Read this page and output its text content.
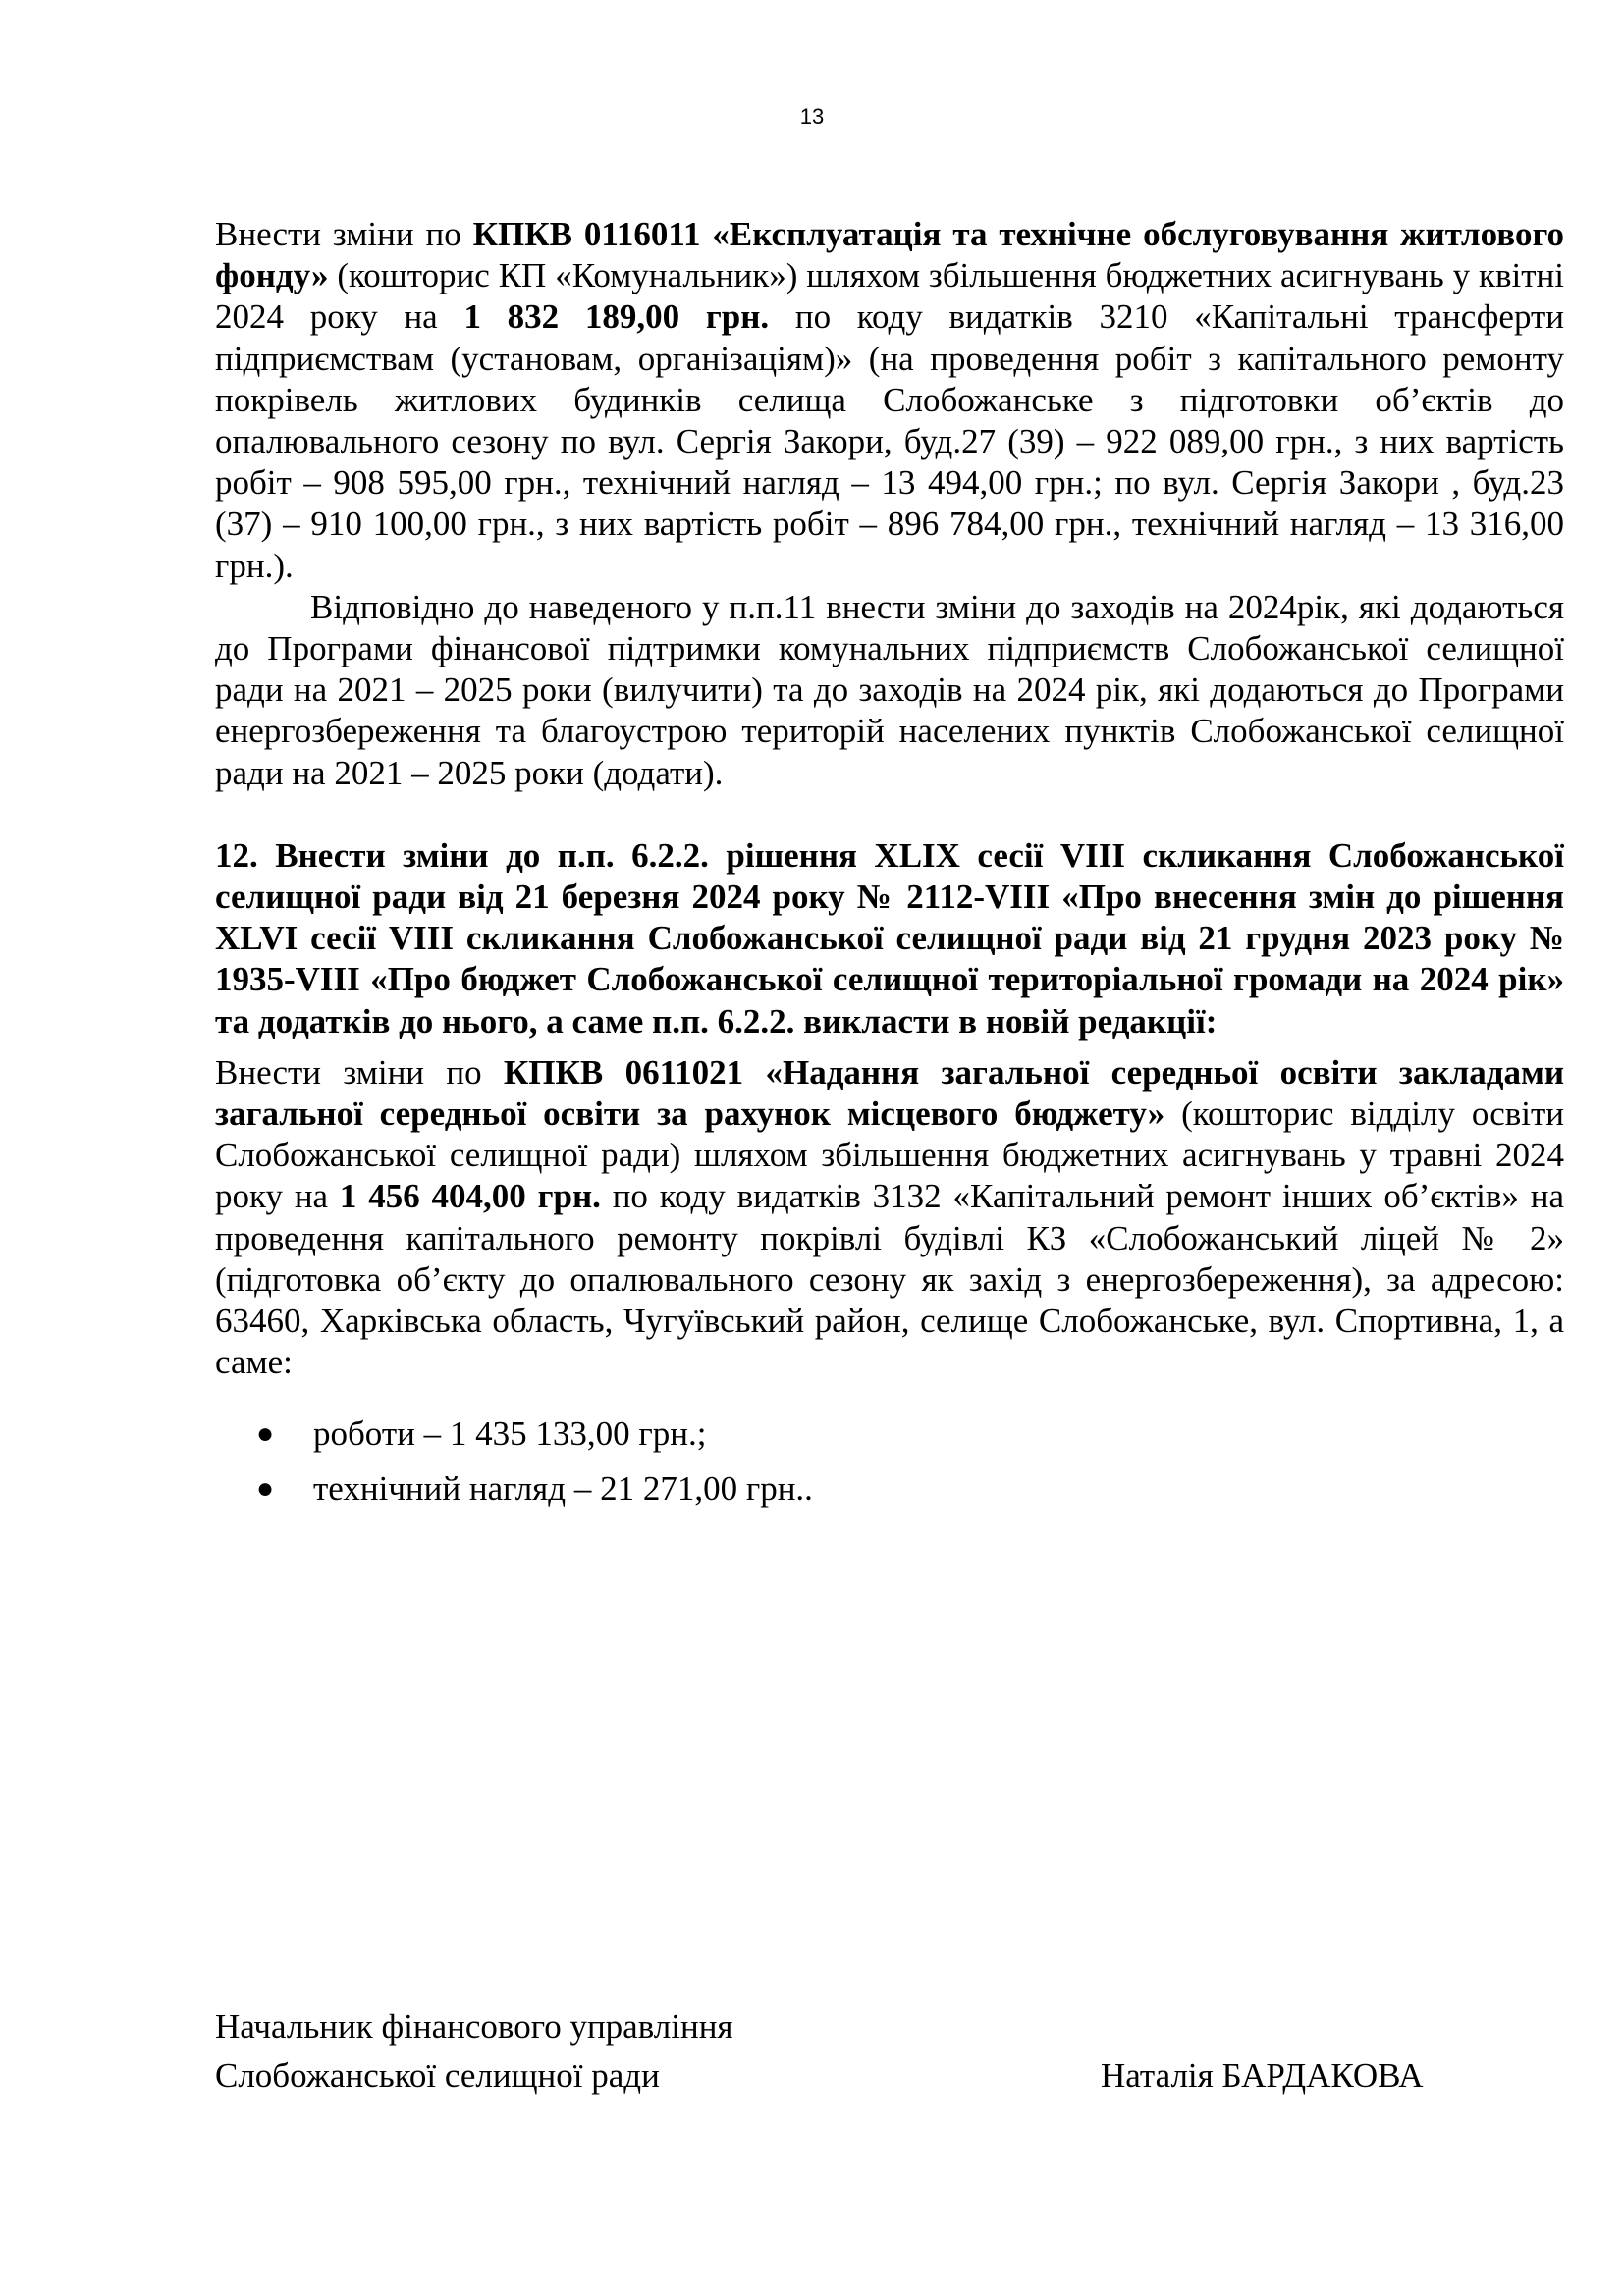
13

Внести зміни по КПКВ 0116011 «Експлуатація та технічне обслуговування житлового фонду» (кошторис КП «Комунальник») шляхом збільшення бюджетних асигнувань у квітні 2024 року на 1 832 189,00 грн. по коду видатків 3210 «Капітальні трансферти підприємствам (установам, організаціям)» (на проведення робіт з капітального ремонту покрівель житлових будинків селища Слобожанське з підготовки об’єктів до опалювального сезону по вул. Сергія Закори, буд.27 (39) – 922 089,00 грн., з них вартість робіт – 908 595,00 грн., технічний нагляд – 13 494,00 грн.; по вул. Сергія Закори , буд.23 (37) – 910 100,00 грн., з них вартість робіт – 896 784,00 грн., технічний нагляд – 13 316,00 грн.).

Відповідно до наведеного у п.п.11 внести зміни до заходів на 2024рік, які додаються до Програми фінансової підтримки комунальних підприємств Слобожанської селищної ради на 2021 – 2025 роки (вилучити) та до заходів на 2024 рік, які додаються до Програми енергозбереження та благоустрою територій населених пунктів Слобожанської селищної ради на 2021 – 2025 роки (додати).

12. Внести зміни до п.п. 6.2.2. рішення XLIX сесії VIII скликання Слобожанської селищної ради від 21 березня 2024 року № 2112-VIII «Про внесення змін до рішення XLVI сесії VIII скликання Слобожанської селищної ради від 21 грудня 2023 року № 1935-VIII «Про бюджет Слобожанської селищної територіальної громади на 2024 рік» та додатків до нього, а саме п.п. 6.2.2. викласти в новій редакції:

Внести зміни по КПКВ 0611021 «Надання загальної середньої освіти закладами загальної середньої освіти за рахунок місцевого бюджету» (кошторис відділу освіти Слобожанської селищної ради) шляхом збільшення бюджетних асигнувань у травні 2024 року на 1 456 404,00 грн. по коду видатків 3132 «Капітальний ремонт інших об’єктів» на проведення капітального ремонту покрівлі будівлі КЗ «Слобожанський ліцей № 2» (підготовка об’єкту до опалювального сезону як захід з енергозбереження), за адресою: 63460, Харківська область, Чугуївський район, селище Слобожанське, вул. Спортивна, 1, а саме:

● роботи – 1 435 133,00 грн.;
● технічний нагляд – 21 271,00 грн..
Начальник фінансового управління
Слобожанської селищної ради	Наталія БАРДАКОВА
